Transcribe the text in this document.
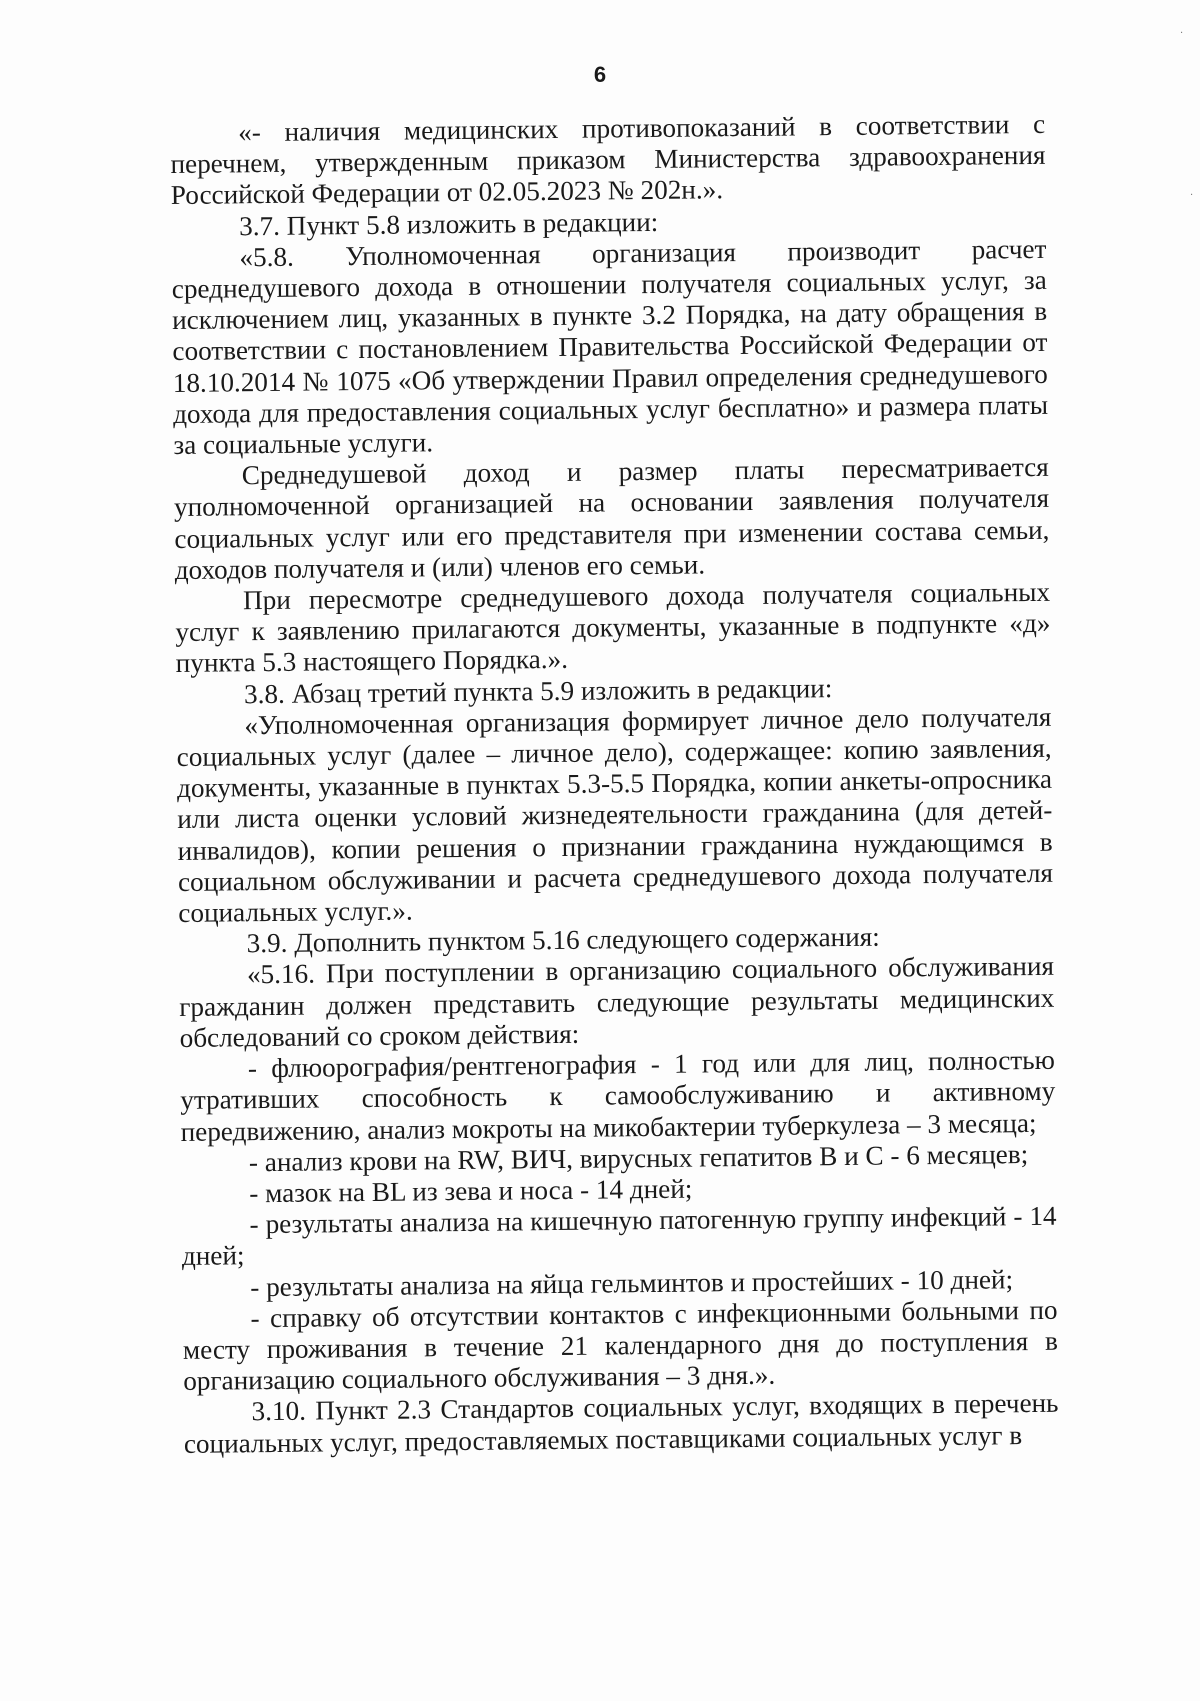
6

«- наличия медицинских противопоказаний в соответствии с перечнем, утвержденным приказом Министерства здравоохранения Российской Федерации от 02.05.2023 № 202н.».

3.7. Пункт 5.8 изложить в редакции:

«5.8. Уполномоченная организация производит расчет среднедушевого дохода в отношении получателя социальных услуг, за исключением лиц, указанных в пункте 3.2 Порядка, на дату обращения в соответствии с постановлением Правительства Российской Федерации от 18.10.2014 № 1075 «Об утверждении Правил определения среднедушевого дохода для предоставления социальных услуг бесплатно» и размера платы за социальные услуги.

Среднедушевой доход и размер платы пересматривается уполномоченной организацией на основании заявления получателя социальных услуг или его представителя при изменении состава семьи, доходов получателя и (или) членов его семьи.

При пересмотре среднедушевого дохода получателя социальных услуг к заявлению прилагаются документы, указанные в подпункте «д» пункта 5.3 настоящего Порядка.».

3.8. Абзац третий пункта 5.9 изложить в редакции:

«Уполномоченная организация формирует личное дело получателя социальных услуг (далее – личное дело), содержащее: копию заявления, документы, указанные в пунктах 5.3-5.5 Порядка, копии анкеты-опросника или листа оценки условий жизнедеятельности гражданина (для детей-инвалидов), копии решения о признании гражданина нуждающимся в социальном обслуживании и расчета среднедушевого дохода получателя социальных услуг.».

3.9. Дополнить пунктом 5.16 следующего содержания:

«5.16. При поступлении в организацию социального обслуживания гражданин должен представить следующие результаты медицинских обследований со сроком действия:

- флюорография/рентгенография - 1 год или для лиц, полностью утративших способность к самообслуживанию и активному передвижению, анализ мокроты на микобактерии туберкулеза – 3 месяца;

- анализ крови на RW, ВИЧ, вирусных гепатитов В и С - 6 месяцев;

- мазок на BL из зева и носа - 14 дней;

- результаты анализа на кишечную патогенную группу инфекций - 14 дней;

- результаты анализа на яйца гельминтов и простейших - 10 дней;

- справку об отсутствии контактов с инфекционными больными по месту проживания в течение 21 календарного дня до поступления в организацию социального обслуживания – 3 дня.».

3.10. Пункт 2.3 Стандартов социальных услуг, входящих в перечень социальных услуг, предоставляемых поставщиками социальных услуг в

·
·
